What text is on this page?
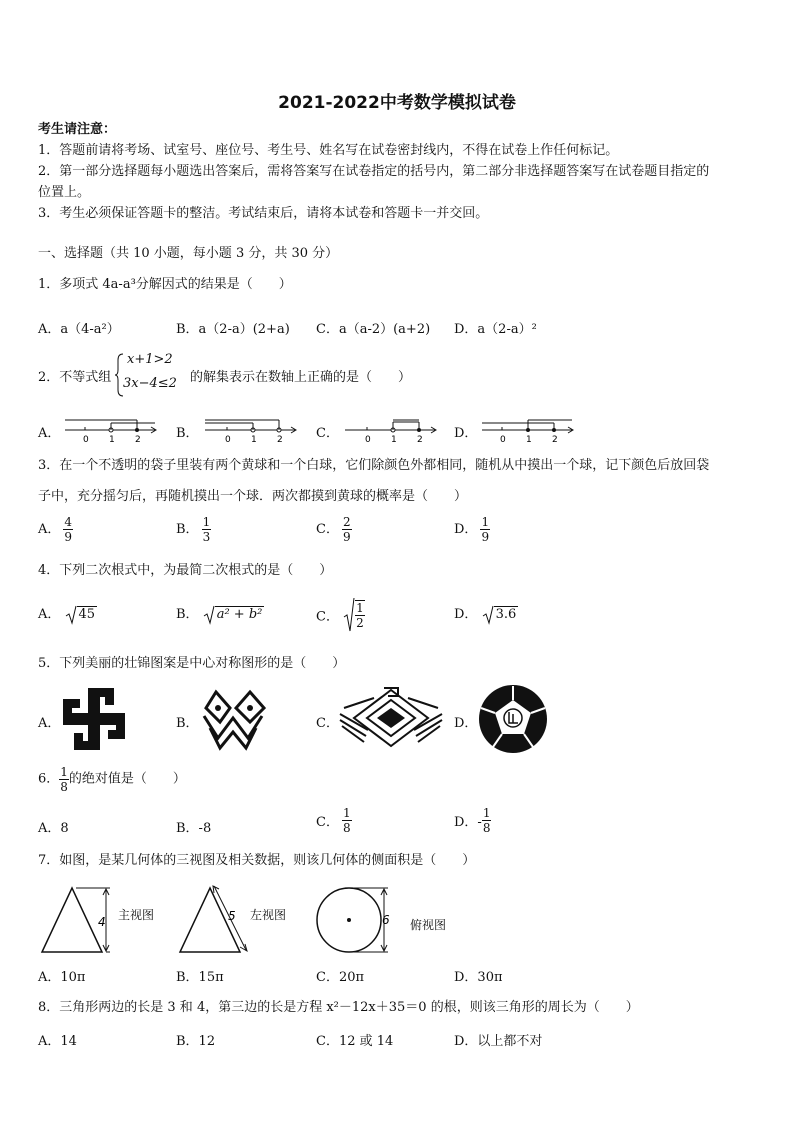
2021-2022中考数学模拟试卷
考生请注意：
1．答题前请将考场、试室号、座位号、考生号、姓名写在试卷密封线内，不得在试卷上作任何标记。
2．第一部分选择题每小题选出答案后，需将答案写在试卷指定的括号内，第二部分非选择题答案写在试卷题目指定的
位置上。
3．考生必须保证答题卡的整洁。考试结束后，请将本试卷和答题卡一并交回。
一、选择题（共 10 小题，每小题 3 分，共 30 分）
1．多项式 4a-a³分解因式的结果是（　　）
A．a（4-a²）	B．a（2-a）(2+a) C．a（a-2）(a+2) D．a（2-a）²
2．不等式组
x+1>2
3x−4≤2 的解集表示在数轴上正确的是（　　）
A．	0 1 2	B．	0 1 2	C．	0 1 2 D．	0 1 2
3．在一个不透明的袋子里装有两个黄球和一个白球，它们除颜色外都相同，随机从中摸出一个球，记下颜色后放回袋
子中，充分摇匀后，再随机摸出一个球．两次都摸到黄球的概率是（　　）
A． $\frac{4}{9}$	B． $\frac{1}{3}$	C． $\frac{2}{9}$	D． $\frac{1}{9}$
4．下列二次根式中，为最简二次根式的是（　　）
A． 45	B． a² + b²	C． $\frac{1}{2}$	D． 3.6
5．下列美丽的壮锦图案是中心对称图形的是（　　）
A．	B．	C．	D．
6． $\frac{1}{8}$ 的绝对值是（　　）
A．8	B．-8	C． $\frac{1}{8}$	D．- $\frac{1}{8}$
7．如图，是某几何体的三视图及相关数据，则该几何体的侧面积是（　　）
4 主视图	5 左视图	6 俯视图
A．10π	B．15π	C．20π	D．30π
8．三角形两边的长是 3 和 4，第三边的长是方程 x²－12x＋35＝0 的根，则该三角形的周长为（　　）
A．14	B．12	C．12 或 14	D．以上都不对
